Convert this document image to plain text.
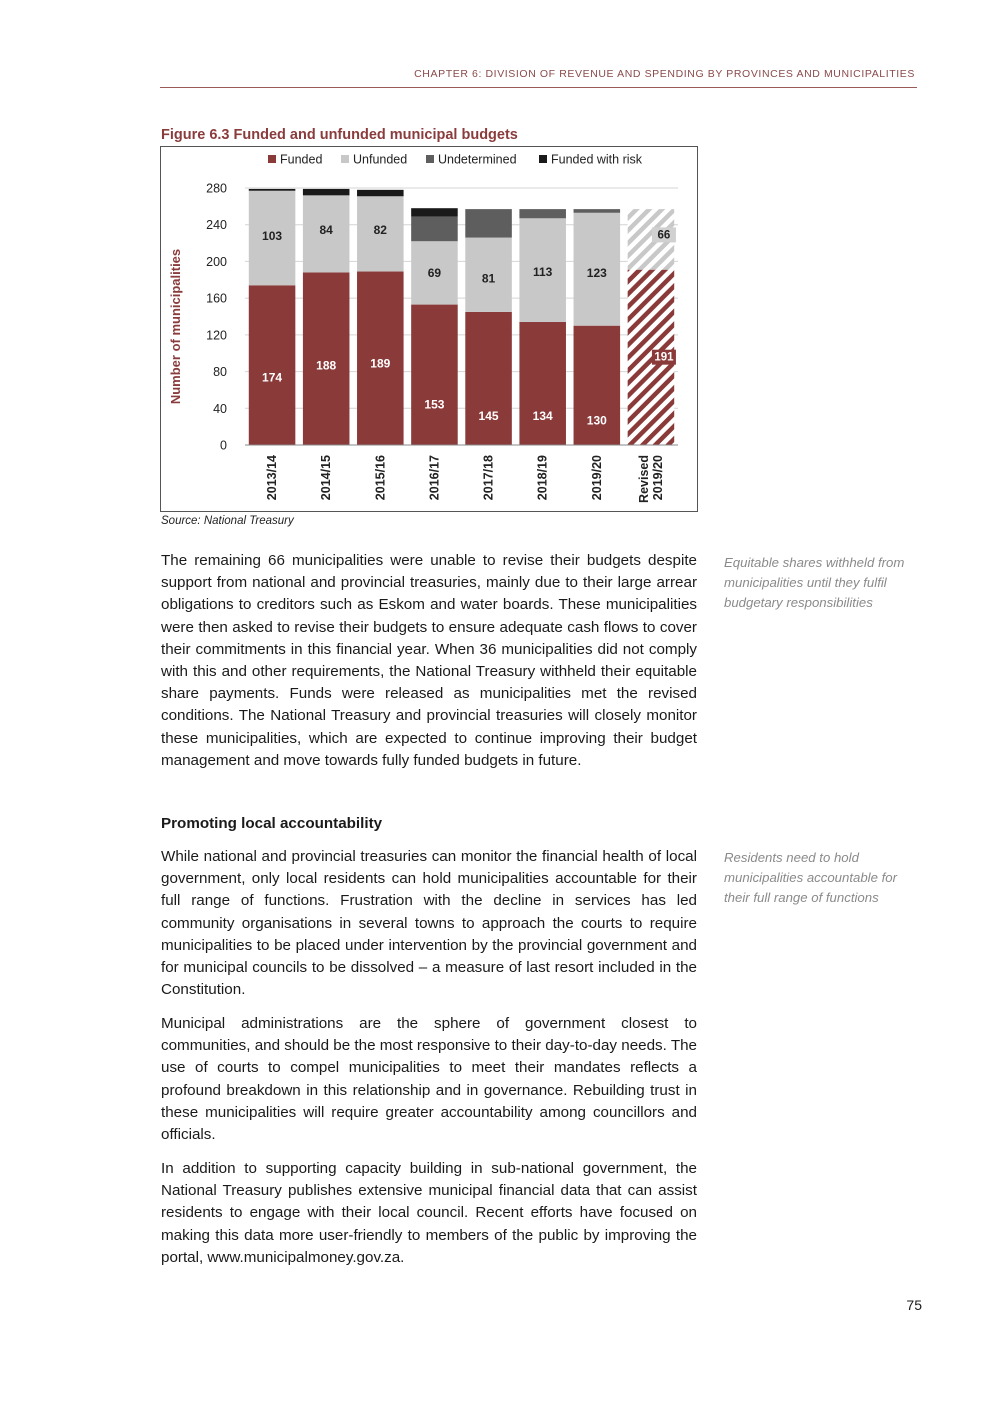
CHAPTER 6: DIVISION OF REVENUE AND SPENDING BY PROVINCES AND MUNICIPALITIES
Figure 6.3 Funded and unfunded municipal budgets
Funded Unfunded Undetermined	Funded with risk
174
103
188
84
189
82
153
69
145
81
134
113
130
123
191
66
0
40
80
120
160
200
240
280
Number of municipalities
2013/14	2014/15	2015/16	2016/17	2017/18	2018/19	2019/20	Revised 2019/20
Source: National Treasury

The remaining 66 municipalities were unable to revise their budgets despite support from national and provincial treasuries, mainly due to their large arrear obligations to creditors such as Eskom and water boards. These municipalities were then asked to revise their budgets to ensure adequate cash flows to cover their commitments in this financial year. When 36 municipalities did not comply with this and other requirements, the National Treasury withheld their equitable share payments. Funds were released as municipalities met the revised conditions. The National Treasury and provincial treasuries will closely monitor these municipalities, which are expected to continue improving their budget management and move towards fully funded budgets in future.

Equitable shares withheld from municipalities until they fulfil budgetary responsibilities

Promoting local accountability

While national and provincial treasuries can monitor the financial health of local government, only local residents can hold municipalities accountable for their full range of functions. Frustration with the decline in services has led community organisations in several towns to approach the courts to require municipalities to be placed under intervention by the provincial government and for municipal councils to be dissolved – a measure of last resort included in the Constitution.

Residents need to hold municipalities accountable for their full range of functions

Municipal administrations are the sphere of government closest to communities, and should be the most responsive to their day-to-day needs. The use of courts to compel municipalities to meet their mandates reflects a profound breakdown in this relationship and in governance. Rebuilding trust in these municipalities will require greater accountability among councillors and officials.

In addition to supporting capacity building in sub-national government, the National Treasury publishes extensive municipal financial data that can assist residents to engage with their local council. Recent efforts have focused on making this data more user-friendly to members of the public by improving the portal, www.municipalmoney.gov.za.

75
